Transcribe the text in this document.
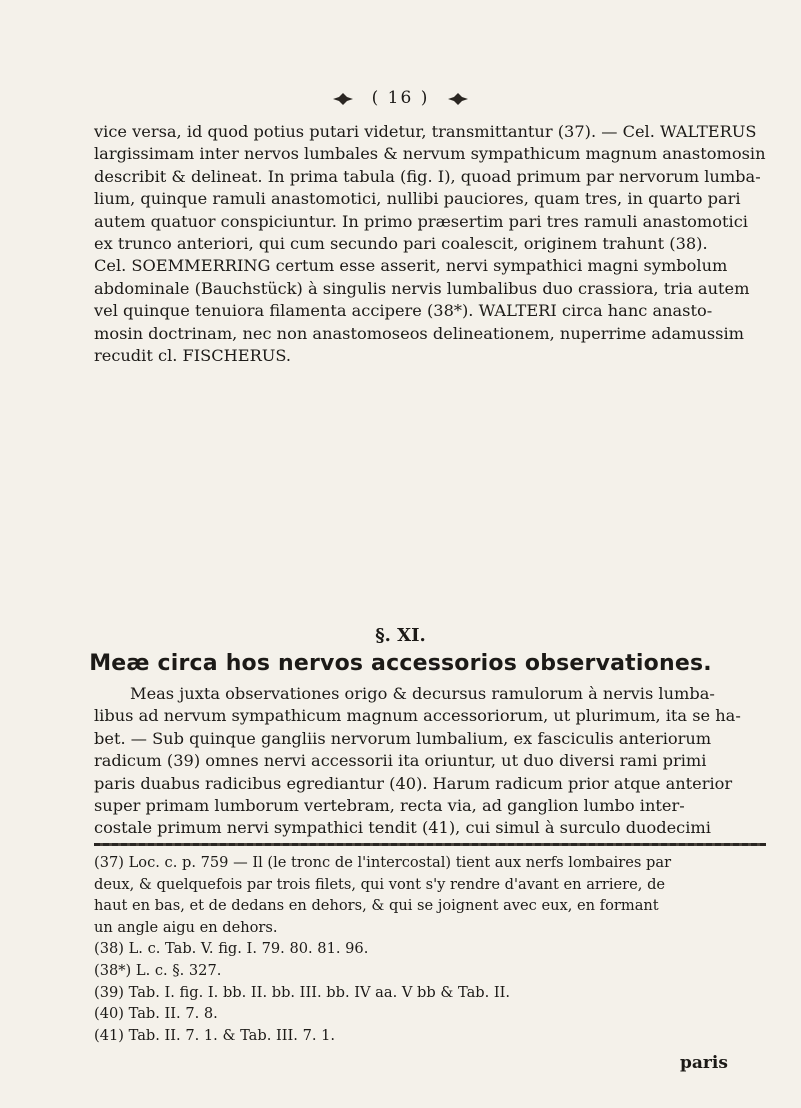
( 16 )

vice versa, id quod potius putari videtur, transmittantur (37). — Cel. WALTERUS

largissimam inter nervos lumbales & nervum sympathicum magnum anastomosin

describit & delineat. In prima tabula (fig. I), quoad primum par nervorum lumba-

lium, quinque ramuli anastomotici, nullibi pauciores, quam tres, in quarto pari

autem quatuor conspiciuntur. In primo præsertim pari tres ramuli anastomotici

ex trunco anteriori, qui cum secundo pari coalescit, originem trahunt (38).

Cel. SOEMMERRING certum esse asserit, nervi sympathici magni symbolum

abdominale (Bauchstück) à singulis nervis lumbalibus duo crassiora, tria autem

vel quinque tenuiora filamenta accipere (38*). WALTERI circa hanc anasto-

mosin doctrinam, nec non anastomoseos delineationem, nuperrime adamussim

recudit cl. FISCHERUS.

§. XI.
Meæ circa hos nervos accessorios observationes.

Meas juxta observationes origo & decursus ramulorum à nervis lumba-

libus ad nervum sympathicum magnum accessoriorum, ut plurimum, ita se ha-

bet. — Sub quinque gangliis nervorum lumbalium, ex fasciculis anteriorum

radicum (39) omnes nervi accessorii ita oriuntur, ut duo diversi rami primi

paris duabus radicibus egrediantur (40). Harum radicum prior atque anterior

super primam lumborum vertebram, recta via, ad ganglion lumbo inter-

costale primum nervi sympathici tendit (41), cui simul à surculo duodecimi

paris

(37) Loc. c. p. 759 — Il (le tronc de l'intercostal) tient aux nerfs lombaires par

deux, & quelquefois par trois filets, qui vont s'y rendre d'avant en arriere, de

haut en bas, et de dedans en dehors, & qui se joignent avec eux, en formant

un angle aigu en dehors.

(38) L. c. Tab. V. fig. I. 79. 80. 81. 96.

(38*) L. c. §. 327.

(39) Tab. I. fig. I. bb. II. bb. III. bb. IV aa. V bb & Tab. II.

(40) Tab. II. 7. 8.

(41) Tab. II. 7. 1. & Tab. III. 7. 1.
